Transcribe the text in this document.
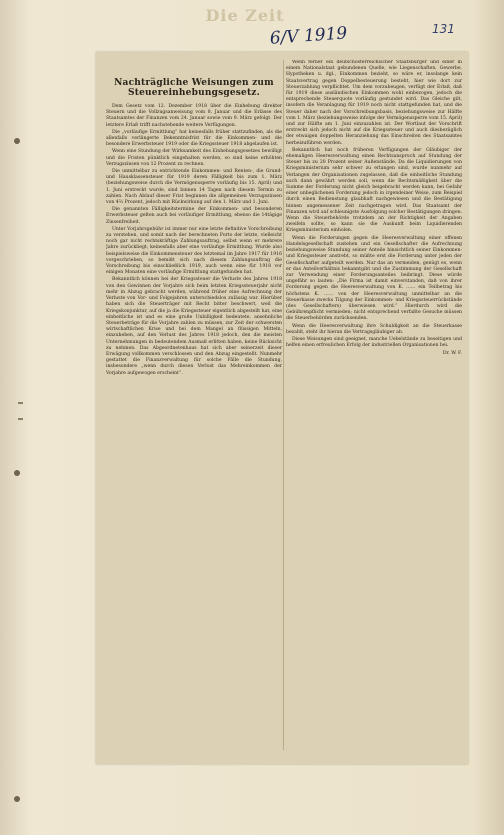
Die Zeit
6/V 1919	131
Nachträgliche Weisungen zum Steuereinhebungsgesetz.

Dem Gesetz vom 12. Dezember 1918 über die Einhebung direkter Steuern und die Vollzugsanweisung vom 8. Januar und die Erlässe des Staatsamtes der Finanzen vom 24. Januar sowie vom 9. März gefolgt. Der letztere Erlaß trifft nachstehende weitere Verfügungen.

Die „vorläufige Ermittlung“ hat keinesfalls früher stattzufinden, als die allenfalls verlängerte Bekenntnisfrist für die Einkommen- und die besondere Erwerbsteuer 1919 oder die Kriegssteuer 1918 abgelaufen ist.

Wenn eine Stundung der Wirksamkeit des Einhebungsgesetzes bewilligt und die Fristen pünktlich eingehalten werden, so sind keine erhöhten Verzugszinsen von 12 Prozent zu rechnen.

Die unmittelbar zu entrichtende Einkommen- und Renten-, die Grund- und Hausklassensteuer für 1919 deren Fälligkeit bis zum 1. März (beziehungsweise durch die Vermögenssperre vorläufig bis 15. April) und 1. Juni erstreckt wurde, sind binnen 14 Tagen nach diesem Termin zu zahlen. Nach Ablauf dieser Frist beginnen die allgemeinen Verzugszinsen von 4⅔ Prozent, jedoch mit Rückwirkung auf den 1. März und 1. Juni.

Die genannten Fälligkeitstermine der Einkommen- und besonderen Erwerbsteuer gelten auch bei vorläufiger Ermittlung, ebenso die 14tägige Zinsenfreiheit.

Unter Vorjahrsgebühr ist immer nur eine letzte definitive Vorschreibung zu verstehen, und somit nach der berechneten Porto der letzte, vielleicht noch gar nicht rechtskräftige Zahlungsauftrag, selbst wenn er mehrere Jahre zurückliegt, keinesfalls aber eine vorläufige Ermittlung. Wurde also beispielsweise die Einkommensteuer des letztemal im Jahre 1917 für 1916 vorgeschrieben, so bemißt sich nach diesem Zahlungsauftrag die Vorschreibung bis einschließlich 1919, auch wenn eine für 1918 vor einigen Monaten eine vorläufige Ermittlung stattgefunden hat.

Bekanntlich können bei der Kriegssteuer die Verluste des Jahres 1918 von den Gewinnen der Vorjahre sich beim letzten Kriegssteuerjahr nicht mehr in Abzug gebracht werden, während früher eine Aufrechnung der Verluste von Vor- und Folgejahren unterschiedslos zulässig war. Hierüber haben sich die Steuerträger mit Recht bitter beschwert, weil die Kriegskonjunktur, auf die ja die Kriegssteuer eigentlich abgestellt hat, eine einheitliche ist und es eine große Unbilligkeit bedeutete, ansehnliche Steuerbeträge für die Vorjahre zahlen zu müssen, zur Zeit der schwersten wirtschaftlichen Krise und bei dem Mangel an flüssigen Mitteln, einzuheben, auf den Verlust des Jahres 1918 jedoch, den die meisten Unternehmungen in bedeutendem Ausmaß erlitten haben, keine Rücksicht zu nehmen. Das Abgeordnetenhaus hat sich aber seinerzeit dieser Erwägung vollkommen verschlossen und den Abzug eingestellt. Nunmehr gestattet die Finanzverwaltung für solche Fälle die Stundung, insbesondere „wenn durch diesen Verlust das Mehreinkommen der Vorjahre aufgewogen erscheint“.

Wenn ferner ein deutschösterreichischer Staatsbürger und einer in einem Nationalstaat gebundenen Quelle, wie Liegenschaften, Gewerbe, Hypotheken u. dgl., Einkommen bezieht, so wäre er, insolange kein Staatsvertrag gegen Doppelbesteuerung besteht, hier wie dort zur Steuerzahlung verpflichtet. Um dem vorzubeugen, verfügt der Erlaß, daß für 1919 diese ausländischen Einkommen wohl einbezogen, jedoch die entsprechende Steuerquote vorläufig gestundet wird. Das Gleiche gilt, insofern die Veranlagung für 1919 noch nicht stattgefunden hat, und die Steuer daher nach der Vorschreibungsbasis, beziehungsweise zur Hälfte vom 1. März (beziehungsweise infolge der Vermögenssperre vom 15. April) und zur Hälfte am 1. Juni einzuzahlen ist. Der Wortlaut der Vorschrift erstreckt sich jedoch nicht auf die Kriegssteuer und auch diesbezüglich der etwaigen doppelten Heranziehung das Einschreiten des Staatsamtes herbeizuführen werden.

Bekanntlich hat noch früheren Verfügungen der Gläubiger der ehemaligen Heeresverwaltung einen Rechtsanspruch auf Stundung der Steuer bis zu 20 Prozent seiner Außenstände. Da die Liquidierungen von Kriegsministerium sehr schwer zu erlangen sind, wurde nunmehr auf Verlangen der Organisationen zugelassen, daß die einheitliche Stundung auch dann gewährt werden soll, wenn die Rechtsmäßigkeit über die Summe der Forderung nicht gleich beigebracht werden kann, bei Gefahr einer unbeglichenen Forderung jedoch in irgendeiner Weise, zum Beispiel durch einen Bedienstung glaubhaft nachgewiesen und die Bestätigung binnen angemessener Zeit nachgetragen wird. Das Staatsamt der Finanzen wird auf schleunigste Ausfolgung solcher Bestätigungen dringen. Wenn die Steuerbehörde trotzdem an der Richtigkeit der Angaben zweifeln sollte, so kann sie die Auskunft beim Liquidierenden Kriegsministerium einholen.

Wenn die Forderungen gegen die Heeresverwaltung einer offenen Handelsgesellschaft zustehen und ein Gesellschafter die Aufrechnung beziehungsweise Stundung seiner Anteile hinsichtlich seiner Einkommen- und Kriegssteuer anstrebt, so müßte erst die Forderung unter jeden der Gesellschafter aufgeteilt werden. Nur das an vermeiden, genügt es, wenn er das Anteilverhältnis bekanntgibt und die Zustimmung der Gesellschaft zur Verwendung einer Forderungsanteiles beibringt. Diese würde ungefähr so lauten: „Die Firma ist damit einverstanden, daß von ihrer Forderung gegen die Heeresverwaltung von K. …… ein Teilbetrag bis höchstens K. …… von der Heeresverwaltung unmittelbar an die Steuerkasse zwecks Tilgung der Einkommen- und Kriegssteuerrückstände (des Gesellschafters) überwiesen wird.“ Hierdurch wird die Gebührenpflicht vermieden; nicht entsprechend verfaßte Gesuche müssen die Steuerbehörden zurücksenden.

Wenn die Heeresverwaltung ihre Schuldigkeit an die Steuerkasse bezahlt, steht ihr hieran die Vertragsgläubiger ab.

Diese Weisungen sind geeignet, manche Uebelstände zu beseitigen und helfen einen erfreulichen Erfolg der industriellen Organisationen bei.

Dr. W. F.
